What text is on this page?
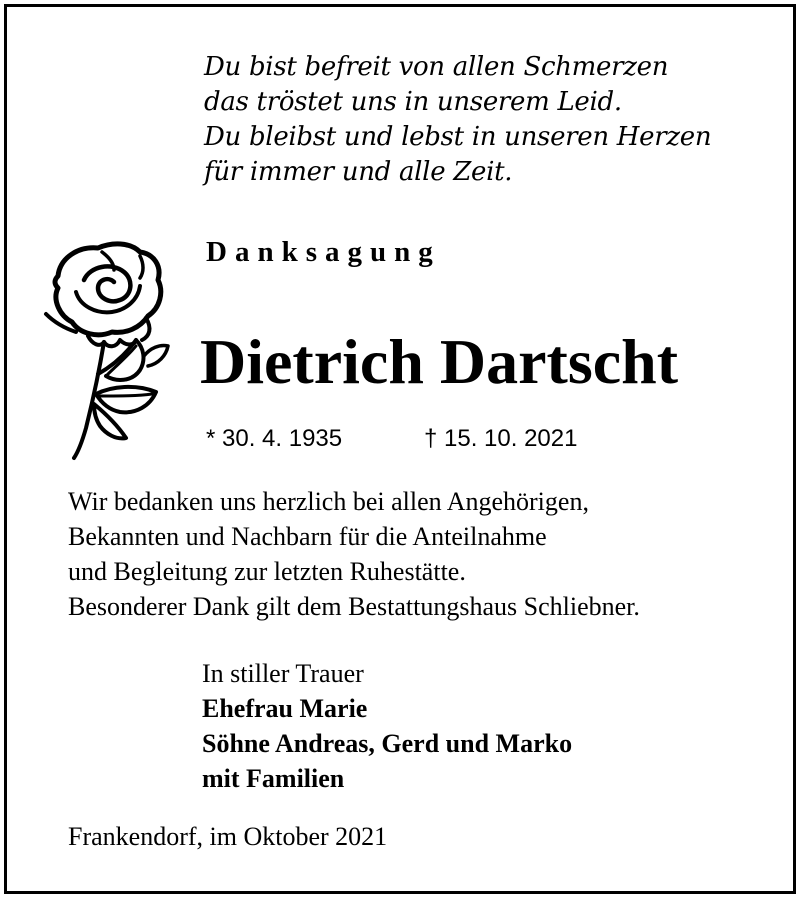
Du bist befreit von allen Schmerzen
das tröstet uns in unserem Leid.
Du bleibst und lebst in unseren Herzen
für immer und alle Zeit.
Danksagung
Dietrich Dartscht
* 30. 4. 1935	† 15. 10. 2021
Wir bedanken uns herzlich bei allen Angehörigen,
Bekannten und Nachbarn für die Anteilnahme
und Begleitung zur letzten Ruhestätte.
Besonderer Dank gilt dem Bestattungshaus Schliebner.
In stiller Trauer
Ehefrau Marie
Söhne Andreas, Gerd und Marko
mit Familien
Frankendorf, im Oktober 2021
